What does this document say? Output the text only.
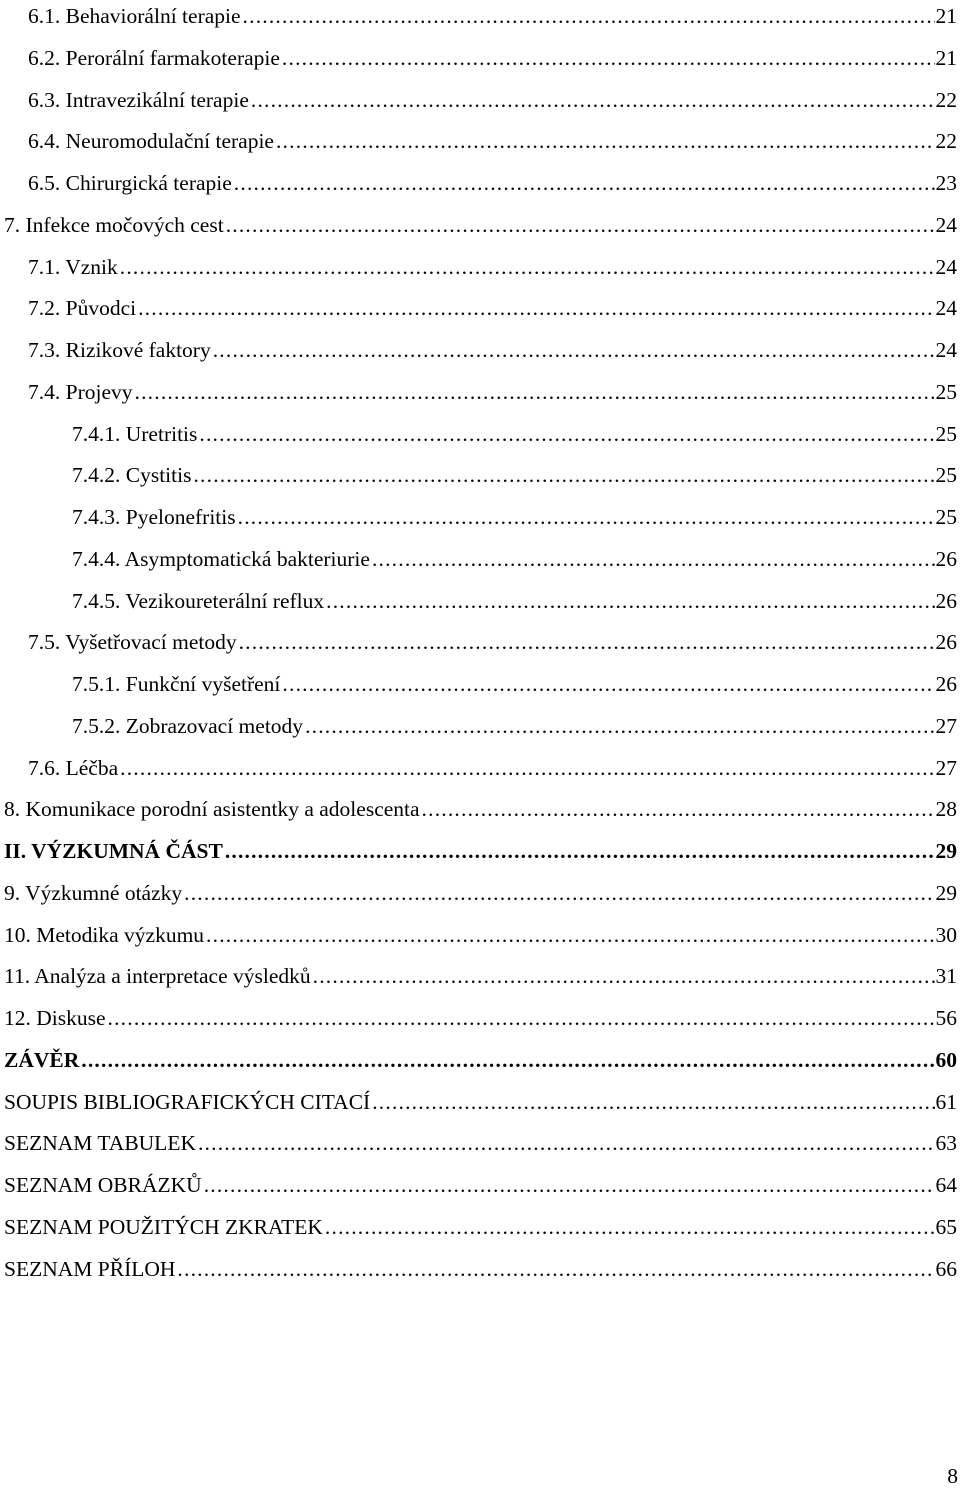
6.1. Behaviorální terapie .....	21
6.2. Perorální farmakoterapie .....	21
6.3. Intravezikální terapie .....	22
6.4. Neuromodulační terapie .....	22
6.5. Chirurgická terapie .....	23
7. Infekce močových cest .....	24
7.1. Vznik .....	24
7.2. Původci .....	24
7.3. Rizikové faktory .....	24
7.4. Projevy .....	25
7.4.1. Uretritis .....	25
7.4.2. Cystitis .....	25
7.4.3. Pyelonefritis .....	25
7.4.4. Asymptomatická bakteriurie .....	26
7.4.5. Vezikoureterální reflux .....	26
7.5. Vyšetřovací metody .....	26
7.5.1. Funkční vyšetření .....	26
7.5.2. Zobrazovací metody .....	27
7.6. Léčba .....	27
8. Komunikace porodní asistentky a adolescenta .....	28
II. VÝZKUMNÁ ČÁST .....	29
9. Výzkumné otázky .....	29
10. Metodika výzkumu .....	30
11. Analýza a interpretace výsledků .....	31
12. Diskuse .....	56
ZÁVĚR .....	60
SOUPIS BIBLIOGRAFICKÝCH CITACÍ .....	61
SEZNAM TABULEK .....	63
SEZNAM OBRÁZKŮ .....	64
SEZNAM POUŽITÝCH ZKRATEK .....	65
SEZNAM PŘÍLOH .....	66
8
